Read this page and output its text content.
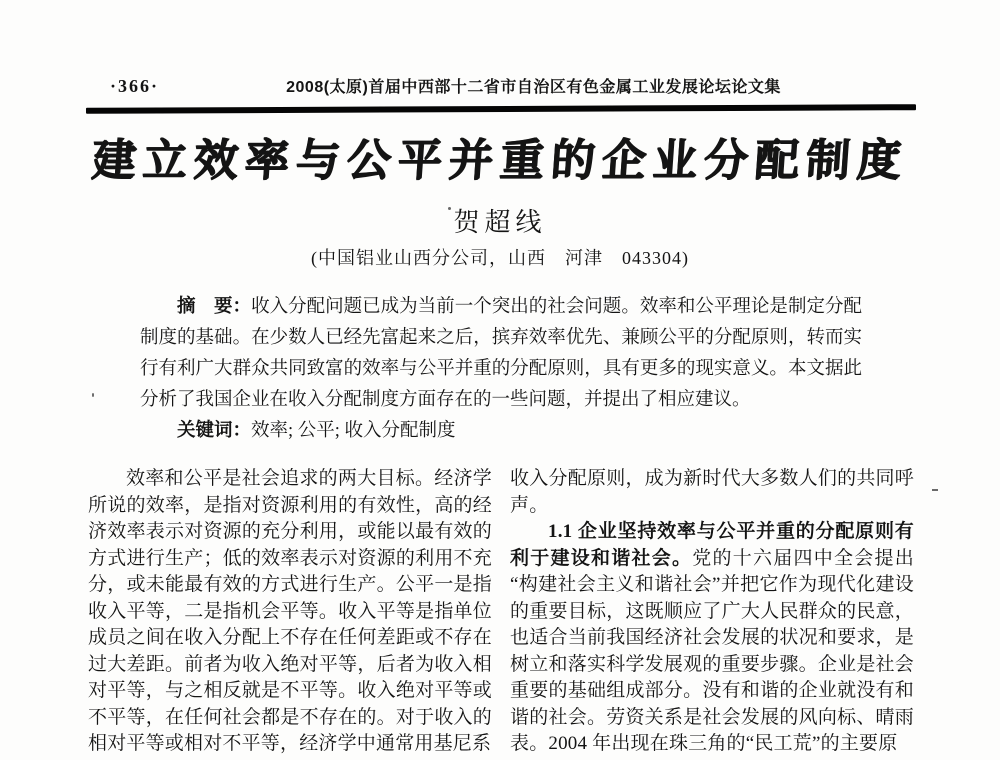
·366·	2008(太原)首届中西部十二省市自治区有色金属工业发展论坛论文集
建立效率与公平并重的企业分配制度
贺超线
(中国铝业山西分公司，山西　河津　043304)

摘　要：收入分配问题已成为当前一个突出的社会问题。效率和公平理论是制定分配制度的基础。在少数人已经先富起来之后，摈弃效率优先、兼顾公平的分配原则，转而实行有利广大群众共同致富的效率与公平并重的分配原则，具有更多的现实意义。本文据此分析了我国企业在收入分配制度方面存在的一些问题，并提出了相应建议。

关键词：效率; 公平; 收入分配制度

效率和公平是社会追求的两大目标。经济学所说的效率，是指对资源利用的有效性，高的经济效率表示对资源的充分利用，或能以最有效的方式进行生产；低的效率表示对资源的利用不充分，或未能最有效的方式进行生产。公平一是指收入平等，二是指机会平等。收入平等是指单位成员之间在收入分配上不存在任何差距或不存在过大差距。前者为收入绝对平等，后者为收入相对平等，与之相反就是不平等。收入绝对平等或不平等，在任何社会都是不存在的。对于收入的相对平等或相对不平等，经济学中通常用基尼系

收入分配原则，成为新时代大多数人们的共同呼声。

1.1 企业坚持效率与公平并重的分配原则有利于建设和谐社会。党的十六届四中全会提出“构建社会主义和谐社会”并把它作为现代化建设的重要目标，这既顺应了广大人民群众的民意，也适合当前我国经济社会发展的状况和要求，是树立和落实科学发展观的重要步骤。企业是社会重要的基础组成部分。没有和谐的企业就没有和谐的社会。劳资关系是社会发展的风向标、晴雨表。2004 年出现在珠三角的“民工荒”的主要原
